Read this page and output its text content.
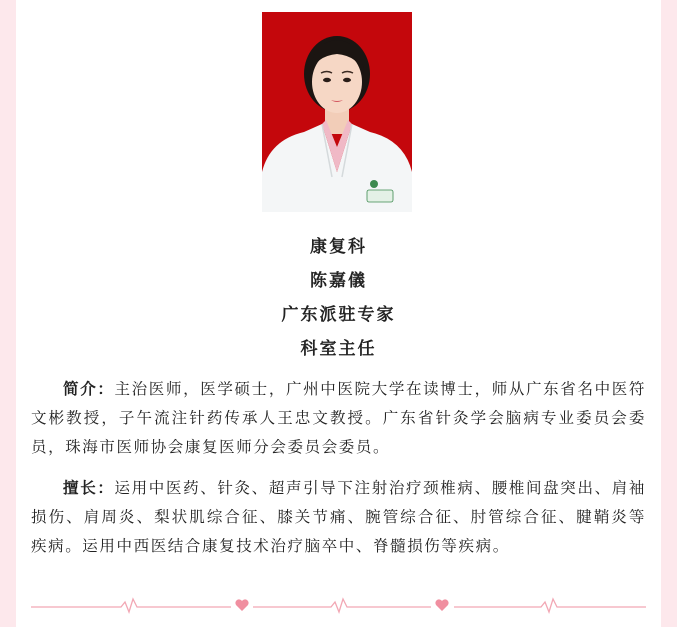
康复科
陈嘉儀
广东派驻专家
科室主任
简介：主治医师，医学硕士，广州中医院大学在读博士，师从广东省名中医符文彬教授，子午流注针药传承人王忠文教授。广东省针灸学会脑病专业委员会委员，珠海市医师协会康复医师分会委员会委员。
擅长：运用中医药、针灸、超声引导下注射治疗颈椎病、腰椎间盘突出、肩袖损伤、肩周炎、梨状肌综合征、膝关节痛、腕管综合征、肘管综合征、腱鞘炎等疾病。运用中西医结合康复技术治疗脑卒中、脊髓损伤等疾病。
